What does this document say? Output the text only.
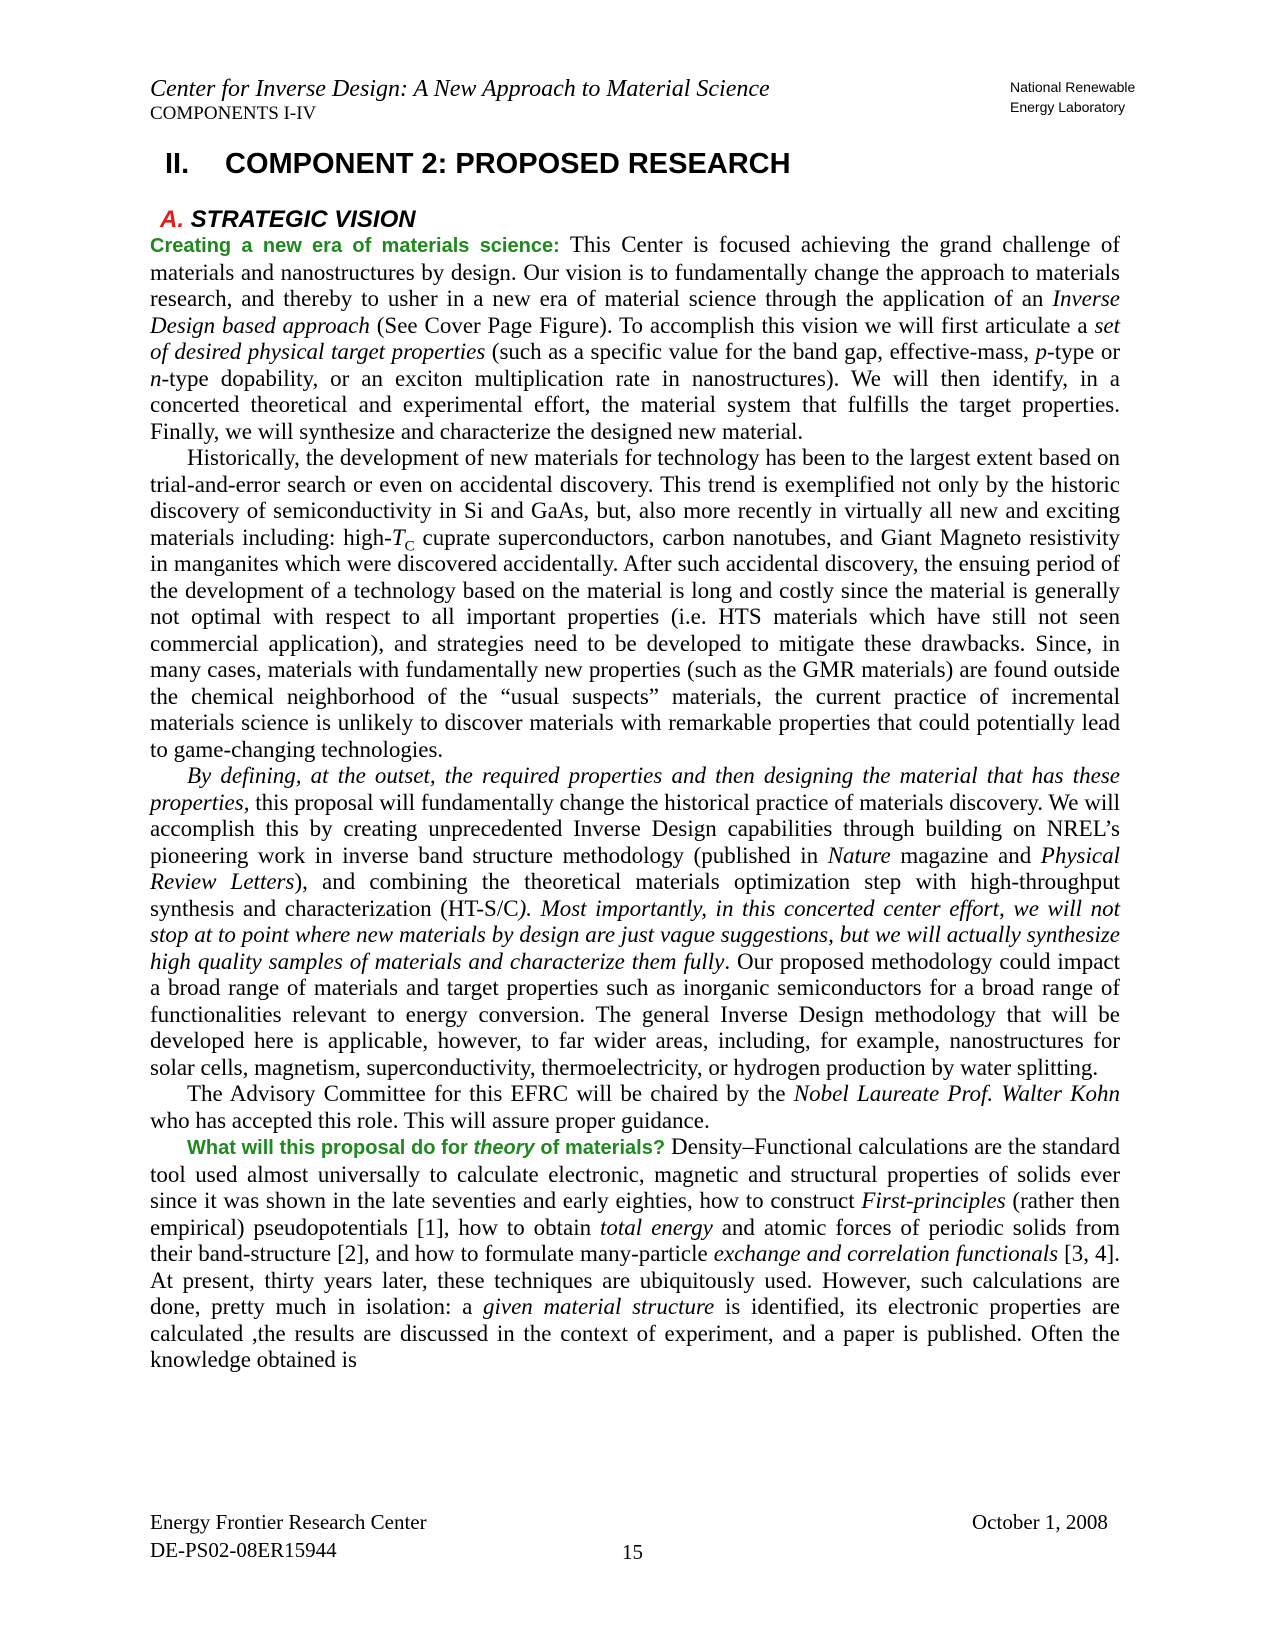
Center for Inverse Design: A New Approach to Material Science
COMPONENTS I-IV
National Renewable
Energy Laboratory
II. COMPONENT 2: PROPOSED RESEARCH
A. STRATEGIC VISION

Creating a new era of materials science: This Center is focused achieving the grand challenge of materials and nanostructures by design. Our vision is to fundamentally change the approach to materials research, and thereby to usher in a new era of material science through the application of an Inverse Design based approach (See Cover Page Figure). To accomplish this vision we will first articulate a set of desired physical target properties (such as a specific value for the band gap, effective-mass, p-type or n-type dopability, or an exciton multiplication rate in nanostructures). We will then identify, in a concerted theoretical and experimental effort, the material system that fulfills the target properties. Finally, we will synthesize and characterize the designed new material.

Historically, the development of new materials for technology has been to the largest extent based on trial-and-error search or even on accidental discovery. This trend is exemplified not only by the historic discovery of semiconductivity in Si and GaAs, but, also more recently in virtually all new and exciting materials including: high-$T_C$ cuprate superconductors, carbon nanotubes, and Giant Magneto resistivity in manganites which were discovered accidentally. After such accidental discovery, the ensuing period of the development of a technology based on the material is long and costly since the material is generally not optimal with respect to all important properties (i.e. HTS materials which have still not seen commercial application), and strategies need to be developed to mitigate these drawbacks. Since, in many cases, materials with fundamentally new properties (such as the GMR materials) are found outside the chemical neighborhood of the “usual suspects” materials, the current practice of incremental materials science is unlikely to discover materials with remarkable properties that could potentially lead to game-changing technologies.

By defining, at the outset, the required properties and then designing the material that has these properties, this proposal will fundamentally change the historical practice of materials discovery. We will accomplish this by creating unprecedented Inverse Design capabilities through building on NREL’s pioneering work in inverse band structure methodology (published in Nature magazine and Physical Review Letters), and combining the theoretical materials optimization step with high-throughput synthesis and characterization (HT-S/C). Most importantly, in this concerted center effort, we will not stop at to point where new materials by design are just vague suggestions, but we will actually synthesize high quality samples of materials and characterize them fully. Our proposed methodology could impact a broad range of materials and target properties such as inorganic semiconductors for a broad range of functionalities relevant to energy conversion. The general Inverse Design methodology that will be developed here is applicable, however, to far wider areas, including, for example, nanostructures for solar cells, magnetism, superconductivity, thermoelectricity, or hydrogen production by water splitting.

The Advisory Committee for this EFRC will be chaired by the Nobel Laureate Prof. Walter Kohn who has accepted this role. This will assure proper guidance.

What will this proposal do for theory of materials? Density–Functional calculations are the standard tool used almost universally to calculate electronic, magnetic and structural properties of solids ever since it was shown in the late seventies and early eighties, how to construct First-principles (rather then empirical) pseudopotentials [1], how to obtain total energy and atomic forces of periodic solids from their band-structure [2], and how to formulate many-particle exchange and correlation functionals [3, 4]. At present, thirty years later, these techniques are ubiquitously used. However, such calculations are done, pretty much in isolation: a given material structure is identified, its electronic properties are calculated ,the results are discussed in the context of experiment, and a paper is published. Often the knowledge obtained is

Energy Frontier Research Center
DE-PS02-08ER15944	15
October 1, 2008
